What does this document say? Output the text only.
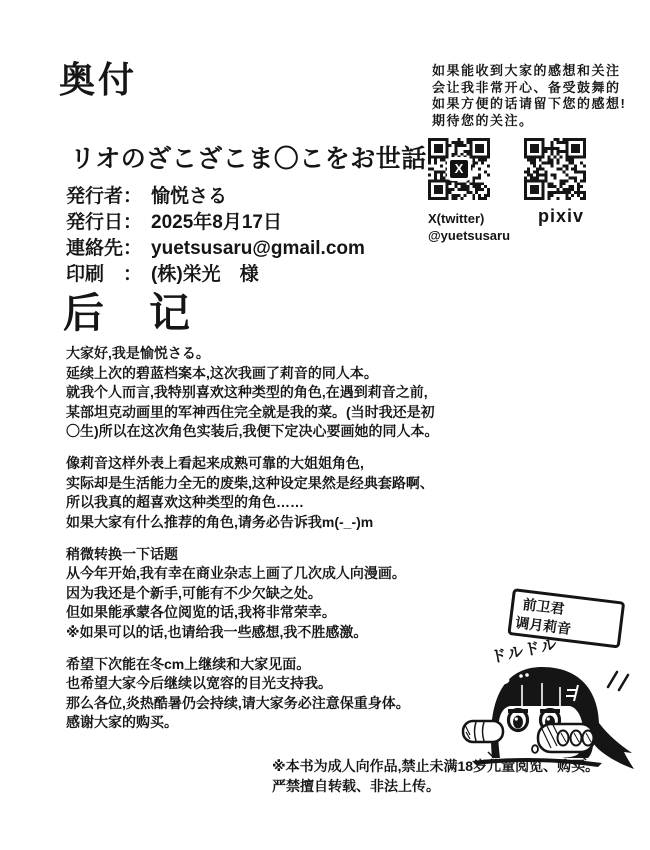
奥付	如果能收到大家的感想和关注
会让我非常开心、备受鼓舞的
如果方便的话请留下您的感想!
期待您的关注。
X
X(twitter)
@yuetsusaru
pixiv
リオのざこざこま〇こをお世話
発行者： 愉悦さる
発行日： 2025年8月17日
連絡先： yuetsusaru@gmail.com
印刷　： (株)栄光　様
后　记

大家好,我是愉悦さる。
延续上次的碧蓝档案本,这次我画了莉音的同人本。
就我个人而言,我特别喜欢这种类型的角色,在遇到莉音之前,
某部坦克动画里的军神西住完全就是我的菜。(当时我还是初
〇生)所以在这次角色实装后,我便下定决心要画她的同人本。

像莉音这样外表上看起来成熟可靠的大姐姐角色,
实际却是生活能力全无的废柴,这种设定果然是经典套路啊、
所以我真的超喜欢这种类型的角色……
如果大家有什么推荐的角色,请务必告诉我m(-_-)m

稍微转换一下话题
从今年开始,我有幸在商业杂志上画了几次成人向漫画。
因为我还是个新手,可能有不少欠缺之处。
但如果能承蒙各位阅览的话,我将非常荣幸。
※如果可以的话,也请给我一些感想,我不胜感激。

希望下次能在冬cm上继续和大家见面。
也希望大家今后继续以宽容的目光支持我。
那么各位,炎热酷暑仍会持续,请大家务必注意保重身体。
感谢大家的购买。

前卫君
调月莉音
ドルドル
※本书为成人向作品,禁止未满18岁儿童阅览、购买。
严禁擅自转载、非法上传。
